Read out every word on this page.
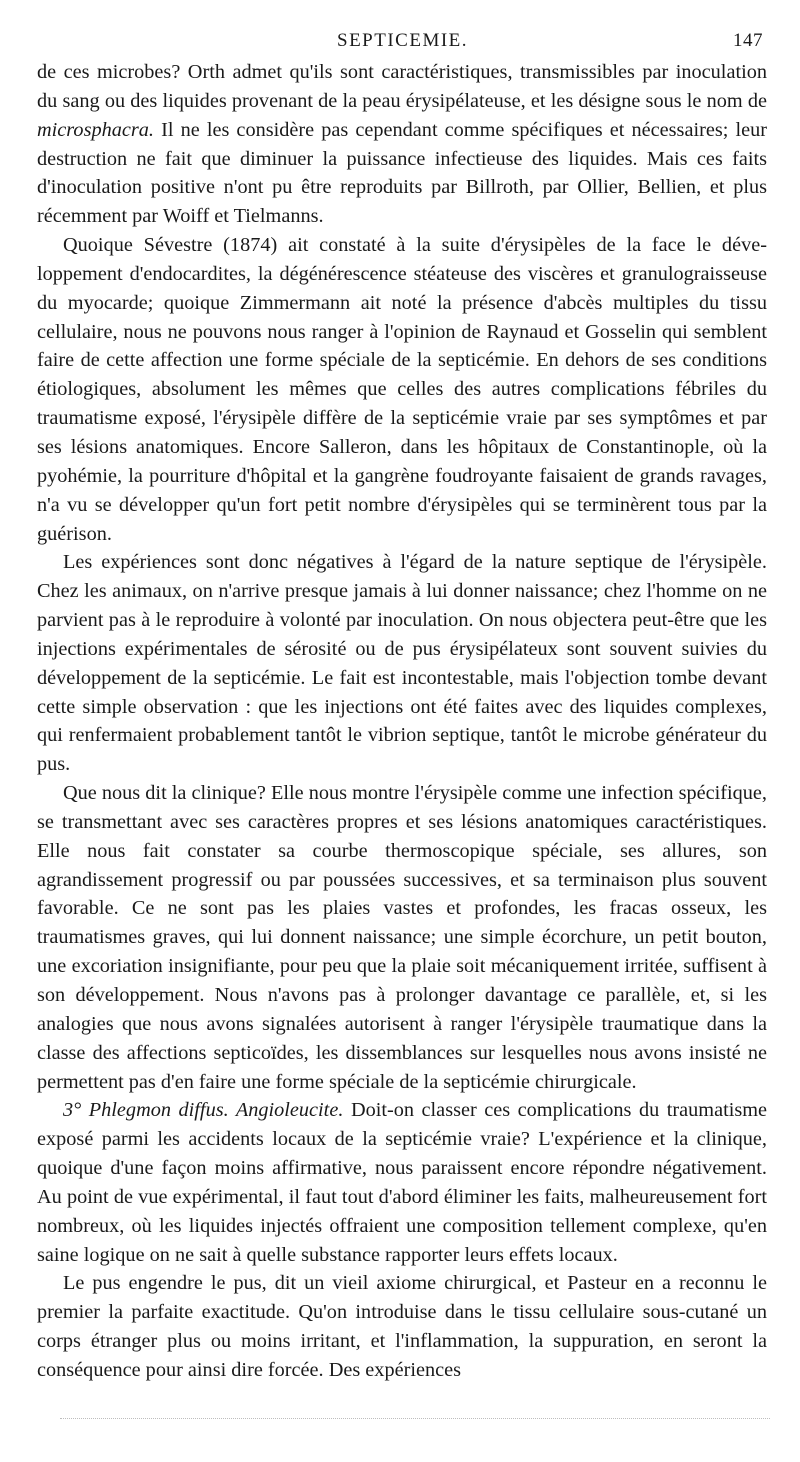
SEPTICEMIE.	147

de ces microbes? Orth admet qu'ils sont caractéristiques, transmissibles par inoculation du sang ou des liquides provenant de la peau érysipélateuse, et les désigne sous le nom de microsphacra. Il ne les considère pas cependant comme spécifiques et nécessaires; leur destruction ne fait que diminuer la puissance infectieuse des liquides. Mais ces faits d'inoculation positive n'ont pu être reproduits par Billroth, par Ollier, Bellien, et plus récemment par Woiff et Tielmanns.

Quoique Sévestre (1874) ait constaté à la suite d'érysipèles de la face le développement d'endocardites, la dégénérescence stéateuse des viscères et granulograisseuse du myocarde; quoique Zimmermann ait noté la présence d'abcès multiples du tissu cellulaire, nous ne pouvons nous ranger à l'opinion de Raynaud et Gosselin qui semblent faire de cette affection une forme spéciale de la septicémie. En dehors de ses conditions étiologiques, absolument les mêmes que celles des autres complications fébriles du traumatisme exposé, l'érysipèle diffère de la septicémie vraie par ses symptômes et par ses lésions anatomiques. Encore Salleron, dans les hôpitaux de Constantinople, où la pyohémie, la pourriture d'hôpital et la gangrène foudroyante faisaient de grands ravages, n'a vu se développer qu'un fort petit nombre d'érysipèles qui se terminèrent tous par la guérison.

Les expériences sont donc négatives à l'égard de la nature septique de l'érysipèle. Chez les animaux, on n'arrive presque jamais à lui donner naissance; chez l'homme on ne parvient pas à le reproduire à volonté par inoculation. On nous objectera peut-être que les injections expérimentales de sérosité ou de pus érysipélateux sont souvent suivies du développement de la septicémie. Le fait est incontestable, mais l'objection tombe devant cette simple observation : que les injections ont été faites avec des liquides complexes, qui renfermaient probablement tantôt le vibrion septique, tantôt le microbe générateur du pus.

Que nous dit la clinique? Elle nous montre l'érysipèle comme une infection spécifique, se transmettant avec ses caractères propres et ses lésions anatomiques caractéristiques. Elle nous fait constater sa courbe thermoscopique spéciale, ses allures, son agrandissement progressif ou par poussées successives, et sa terminaison plus souvent favorable. Ce ne sont pas les plaies vastes et profondes, les fracas osseux, les traumatismes graves, qui lui donnent naissance; une simple écorchure, un petit bouton, une excoriation insignifiante, pour peu que la plaie soit mécaniquement irritée, suffisent à son développement. Nous n'avons pas à prolonger davantage ce parallèle, et, si les analogies que nous avons signalées autorisent à ranger l'érysipèle traumatique dans la classe des affections septicoïdes, les dissemblances sur lesquelles nous avons insisté ne permettent pas d'en faire une forme spéciale de la septicémie chirurgicale.

3° Phlegmon diffus. Angioleucite. Doit-on classer ces complications du traumatisme exposé parmi les accidents locaux de la septicémie vraie? L'expérience et la clinique, quoique d'une façon moins affirmative, nous paraissent encore répondre négativement. Au point de vue expérimental, il faut tout d'abord éliminer les faits, malheureusement fort nombreux, où les liquides injectés offraient une composition tellement complexe, qu'en saine logique on ne sait à quelle substance rapporter leurs effets locaux.

Le pus engendre le pus, dit un vieil axiome chirurgical, et Pasteur en a reconnu le premier la parfaite exactitude. Qu'on introduise dans le tissu cellulaire sous-cutané un corps étranger plus ou moins irritant, et l'inflammation, la suppuration, en seront la conséquence pour ainsi dire forcée. Des expériences
